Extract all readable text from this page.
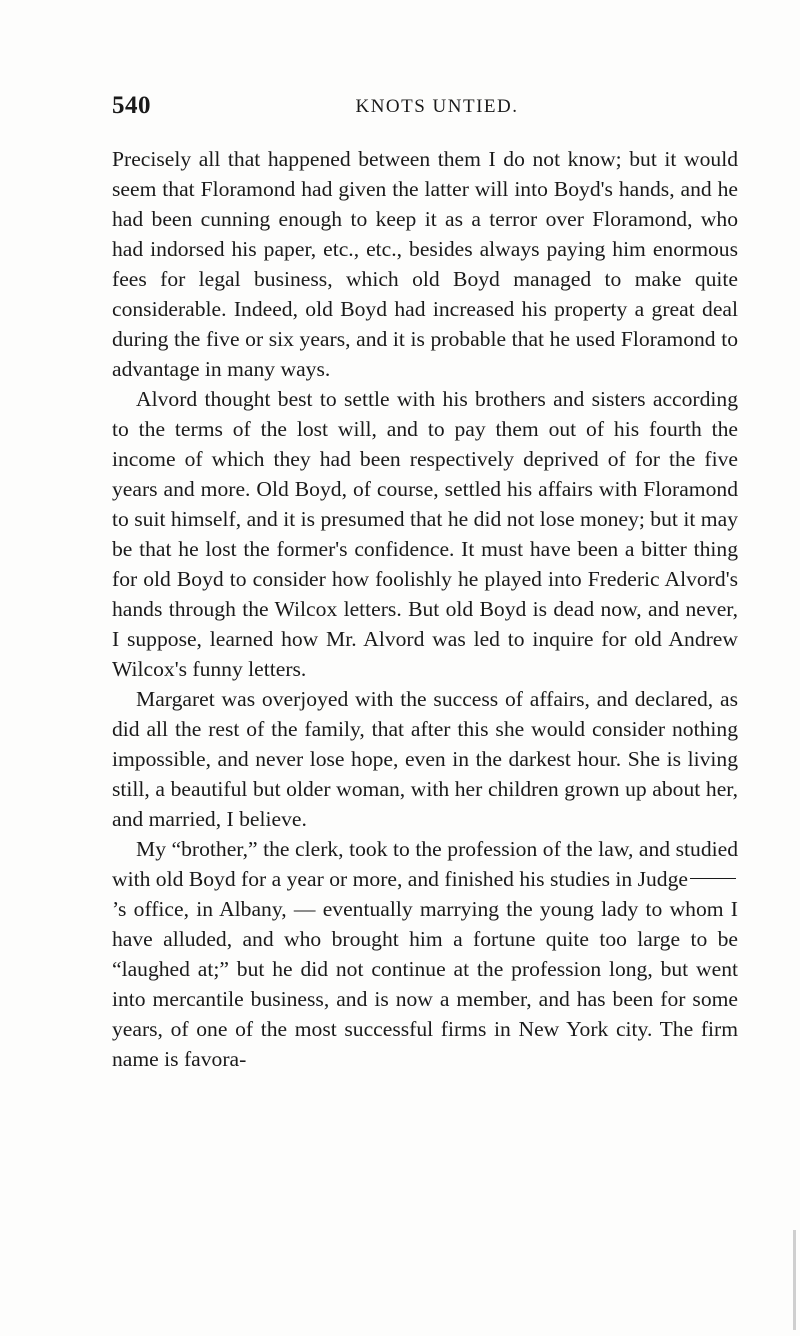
540	KNOTS UNTIED.

Precisely all that happened between them I do not know; but it would seem that Floramond had given the latter will into Boyd's hands, and he had been cunning enough to keep it as a terror over Floramond, who had indorsed his paper, etc., etc., besides always paying him enormous fees for legal business, which old Boyd managed to make quite considerable. Indeed, old Boyd had increased his property a great deal during the five or six years, and it is probable that he used Floramond to advantage in many ways.

Alvord thought best to settle with his brothers and sisters according to the terms of the lost will, and to pay them out of his fourth the income of which they had been respectively deprived of for the five years and more. Old Boyd, of course, settled his affairs with Floramond to suit himself, and it is presumed that he did not lose money; but it may be that he lost the former's confidence. It must have been a bitter thing for old Boyd to consider how foolishly he played into Frederic Alvord's hands through the Wilcox letters. But old Boyd is dead now, and never, I suppose, learned how Mr. Alvord was led to inquire for old Andrew Wilcox's funny letters.

Margaret was overjoyed with the success of affairs, and declared, as did all the rest of the family, that after this she would consider nothing impossible, and never lose hope, even in the darkest hour. She is living still, a beautiful but older woman, with her children grown up about her, and married, I believe.

My “brother,” the clerk, took to the profession of the law, and studied with old Boyd for a year or more, and finished his studies in Judge’s office, in Albany, — eventually marrying the young lady to whom I have alluded, and who brought him a fortune quite too large to be “laughed at;” but he did not continue at the profession long, but went into mercantile business, and is now a member, and has been for some years, of one of the most successful firms in New York city. The firm name is favora-
